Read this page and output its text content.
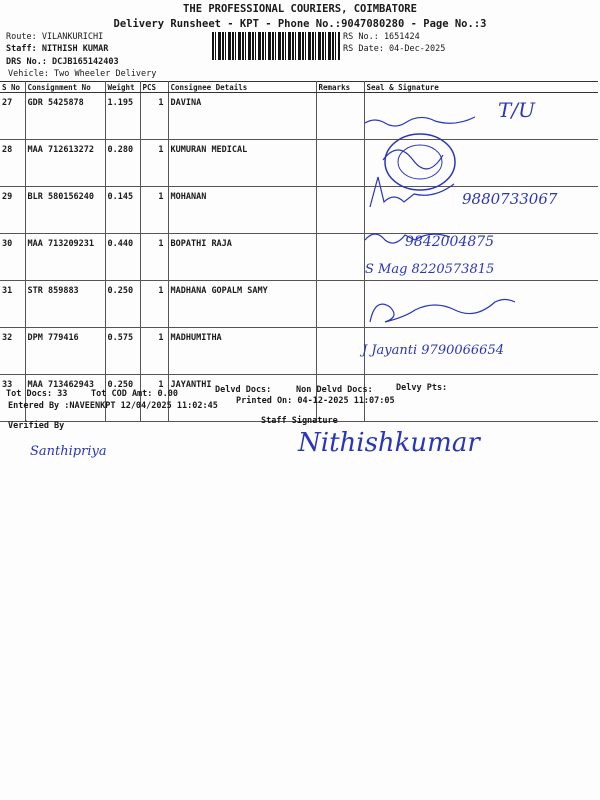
THE PROFESSIONAL COURIERS, COIMBATORE
Delivery Runsheet - KPT - Phone No.:9047080280 - Page No.:3
Route: VILANKURICHI
Staff: NITHISH KUMAR
DRS No.: DCJB165142403
Vehicle: Two Wheeler Delivery
RS No.: 1651424
RS Date: 04-Dec-2025
S No	Consignment No	Weight	PCS	Consignee Details	Remarks	Seal & Signature
27	GDR 5425878	1.195	1	DAVINA		
28	MAA 712613272	0.280	1	KUMURAN MEDICAL		
29	BLR 580156240	0.145	1	MOHANAN		
30	MAA 713209231	0.440	1	BOPATHI RAJA		
31	STR 859883	0.250	1	MADHANA GOPALM SAMY		
32	DPM 779416	0.575	1	MADHUMITHA		
33	MAA 713462943	0.250	1	JAYANTHI		
T/U
9880733067
9842004875
S Mag 8220573815
J Jayanti 9790066654
Tot Docs: 33	Tot COD Amt: 0.00	Delvd Docs:	Non Delvd Docs:	Delvy Pts:
Entered By :NAVEENKPT 12/04/2025 11:02:45 Printed On: 04-12-2025 11:07:05
Verified By	Staff Signature
Santhipriya	Nithishkumar
